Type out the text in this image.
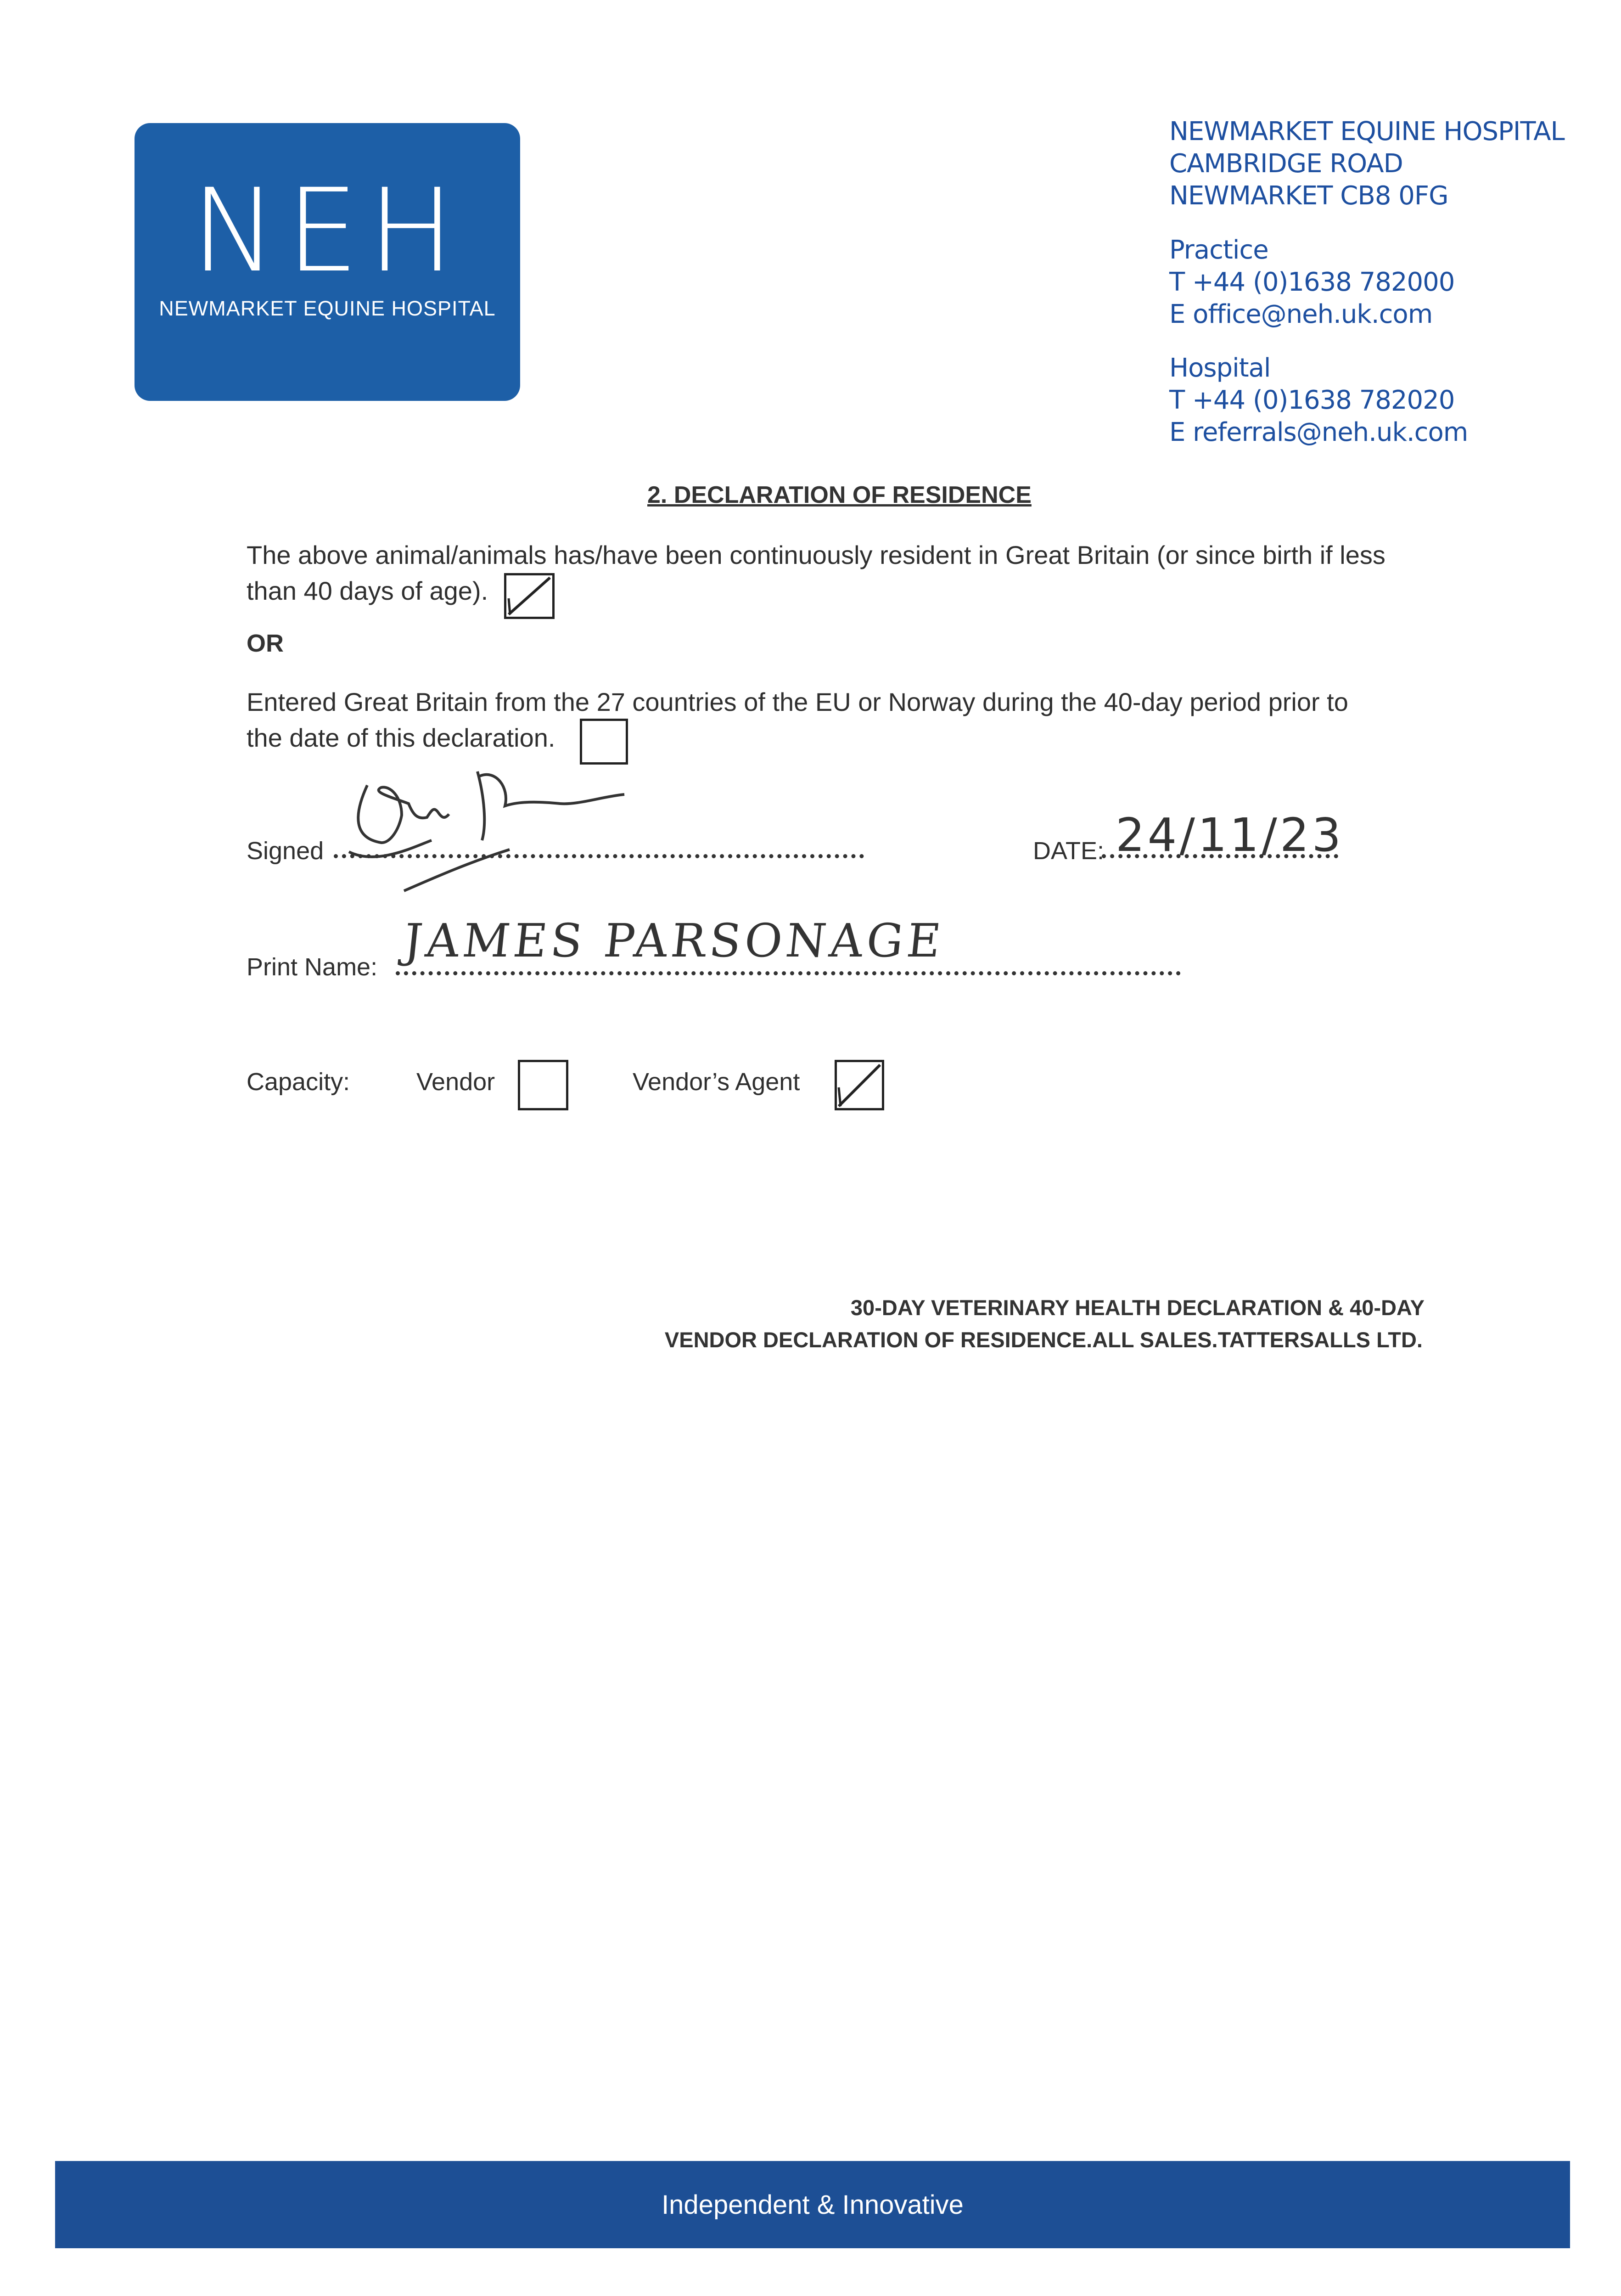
NEH
NEWMARKET EQUINE HOSPITAL
NEWMARKET EQUINE HOSPITAL
CAMBRIDGE ROAD
NEWMARKET CB8 0FG
Practice
T +44 (0)1638 782000
E office@neh.uk.com
Hospital
T +44 (0)1638 782020
E referrals@neh.uk.com
2. DECLARATION OF RESIDENCE
The above animal/animals has/have been continuously resident in Great Britain (or since birth if less
than 40 days of age).
OR
Entered Great Britain from the 27 countries of the EU or Norway during the 40-day period prior to
the date of this declaration.
Signed	DATE: 24/11/23
Print Name: JAMES PARSONAGE
Capacity:	Vendor	Vendor’s Agent
30-DAY VETERINARY HEALTH DECLARATION & 40-DAY
VENDOR DECLARATION OF RESIDENCE.ALL SALES.TATTERSALLS LTD.
Independent & Innovative
